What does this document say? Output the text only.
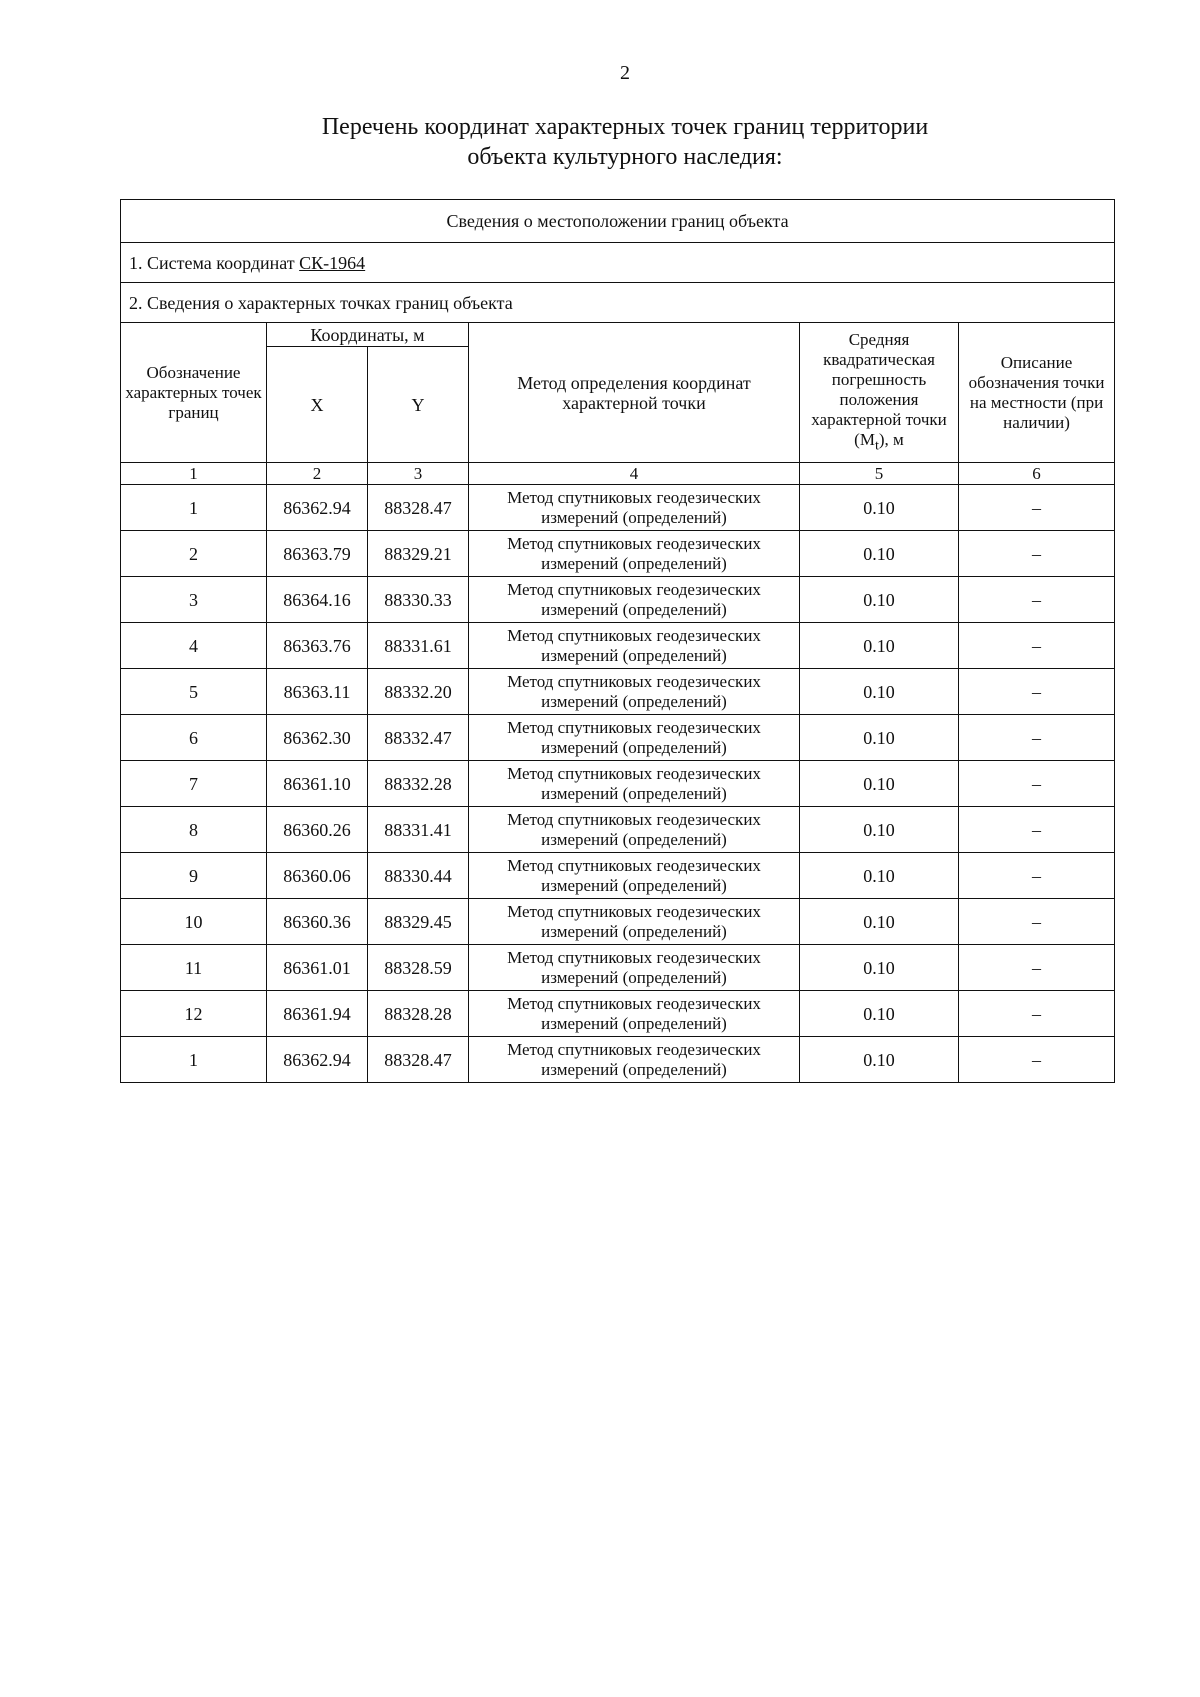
2
Перечень координат характерных точек границ территории
объекта культурного наследия:
Сведения о местоположении границ объекта					
1. Система координат СК-1964					
2. Сведения о характерных точках границ объекта					
Обозначение характерных точек границ	Координаты, м		Метод определения координат характерной точки	Средняя квадратическая погрешность положения характерной точки $(M_t)$, м	Описание обозначения точки на местности (при наличии)
	X	Y			
1	2	3	4	5	6
1	86362.94	88328.47	Метод спутниковых геодезических измерений (определений)	0.10	–
2	86363.79	88329.21	Метод спутниковых геодезических измерений (определений)	0.10	–
3	86364.16	88330.33	Метод спутниковых геодезических измерений (определений)	0.10	–
4	86363.76	88331.61	Метод спутниковых геодезических измерений (определений)	0.10	–
5	86363.11	88332.20	Метод спутниковых геодезических измерений (определений)	0.10	–
6	86362.30	88332.47	Метод спутниковых геодезических измерений (определений)	0.10	–
7	86361.10	88332.28	Метод спутниковых геодезических измерений (определений)	0.10	–
8	86360.26	88331.41	Метод спутниковых геодезических измерений (определений)	0.10	–
9	86360.06	88330.44	Метод спутниковых геодезических измерений (определений)	0.10	–
10	86360.36	88329.45	Метод спутниковых геодезических измерений (определений)	0.10	–
11	86361.01	88328.59	Метод спутниковых геодезических измерений (определений)	0.10	–
12	86361.94	88328.28	Метод спутниковых геодезических измерений (определений)	0.10	–
1	86362.94	88328.47	Метод спутниковых геодезических измерений (определений)	0.10	–
